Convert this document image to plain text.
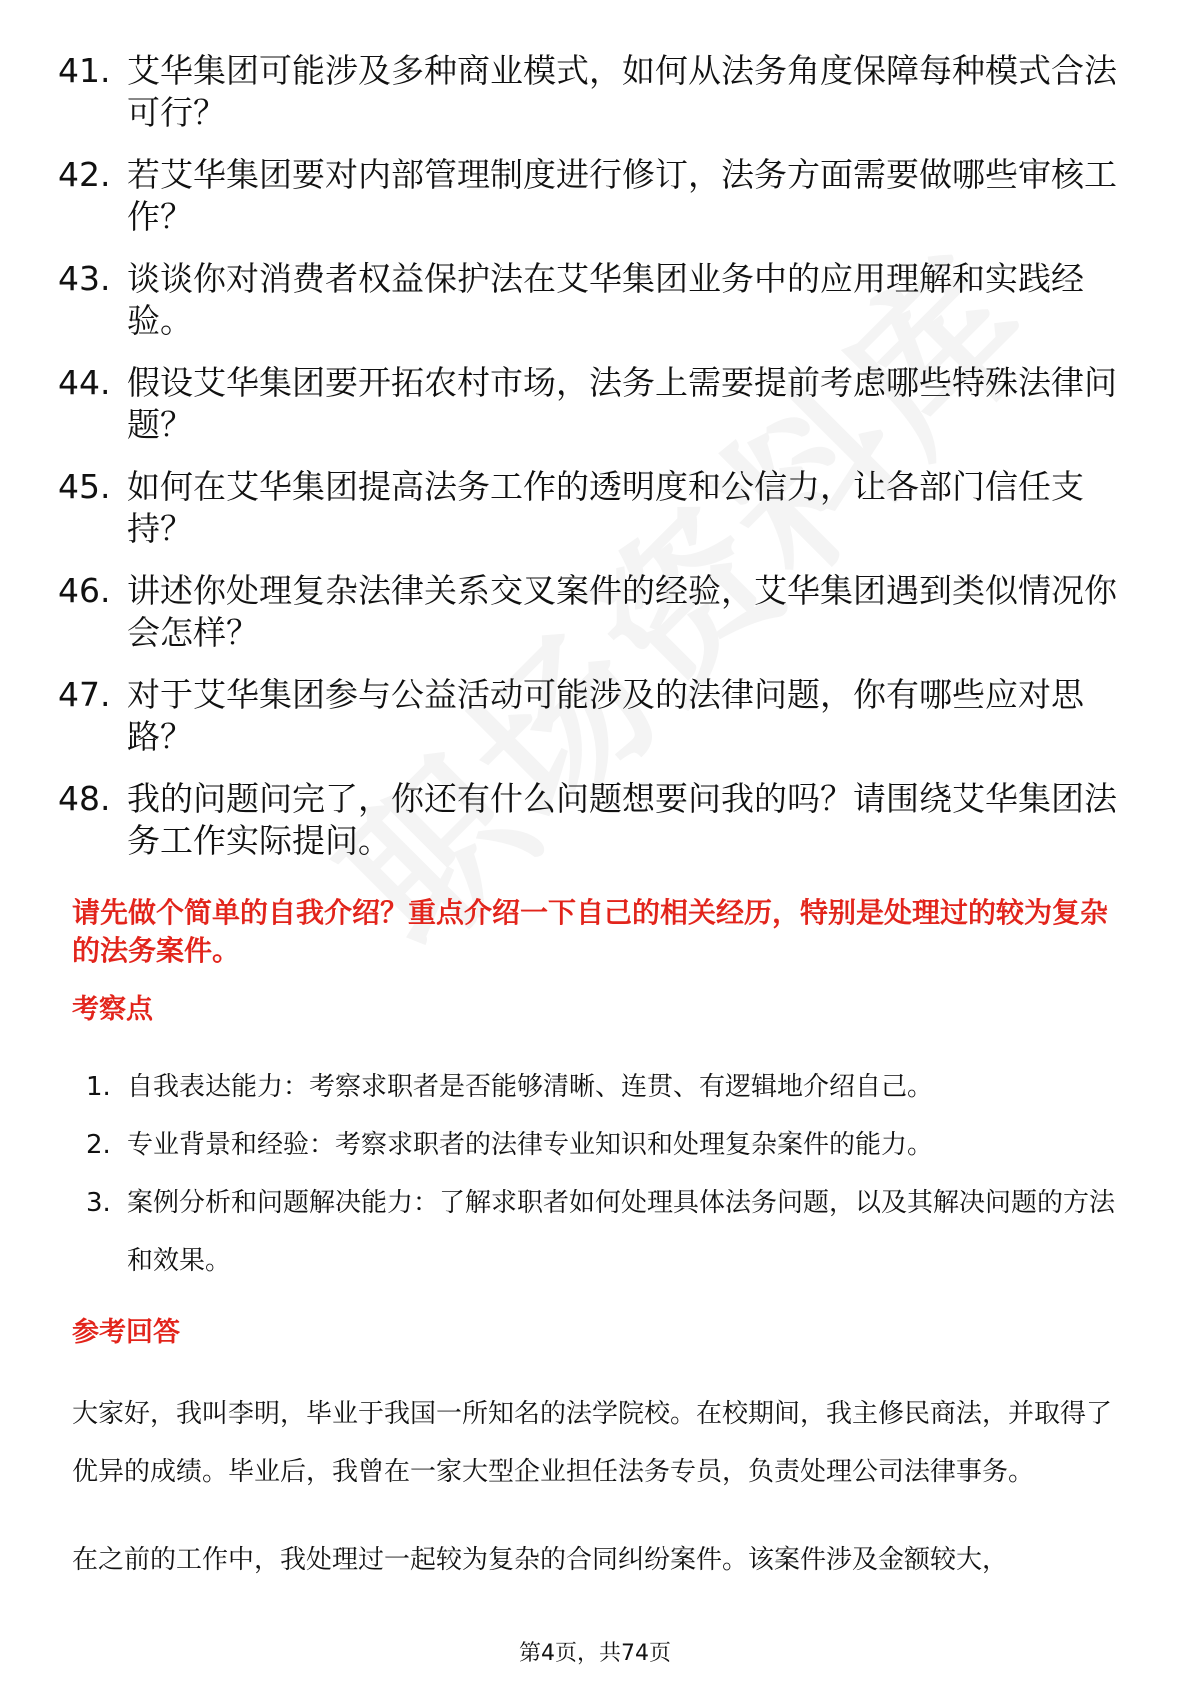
41. 艾华集团可能涉及多种商业模式，如何从法务角度保障每种模式合法可行？
42. 若艾华集团要对内部管理制度进行修订，法务方面需要做哪些审核工作？
43. 谈谈你对消费者权益保护法在艾华集团业务中的应用理解和实践经验。
44. 假设艾华集团要开拓农村市场，法务上需要提前考虑哪些特殊法律问题？
45. 如何在艾华集团提高法务工作的透明度和公信力，让各部门信任支持？
46. 讲述你处理复杂法律关系交叉案件的经验，艾华集团遇到类似情况你会怎样？
47. 对于艾华集团参与公益活动可能涉及的法律问题，你有哪些应对思路？
48. 我的问题问完了，你还有什么问题想要问我的吗？请围绕艾华集团法务工作实际提问。
请先做个简单的自我介绍？重点介绍一下自己的相关经历，特别是处理过的较为复杂的法务案件。
考察点
1. 自我表达能力：考察求职者是否能够清晰、连贯、有逻辑地介绍自己。
2. 专业背景和经验：考察求职者的法律专业知识和处理复杂案件的能力。
3. 案例分析和问题解决能力：了解求职者如何处理具体法务问题，以及其解决问题的方法和效果。
参考回答

大家好，我叫李明，毕业于我国一所知名的法学院校。在校期间，我主修民商法，并取得了优异的成绩。毕业后，我曾在一家大型企业担任法务专员，负责处理公司法律事务。

在之前的工作中，我处理过一起较为复杂的合同纠纷案件。该案件涉及金额较大，

第4页，共74页
